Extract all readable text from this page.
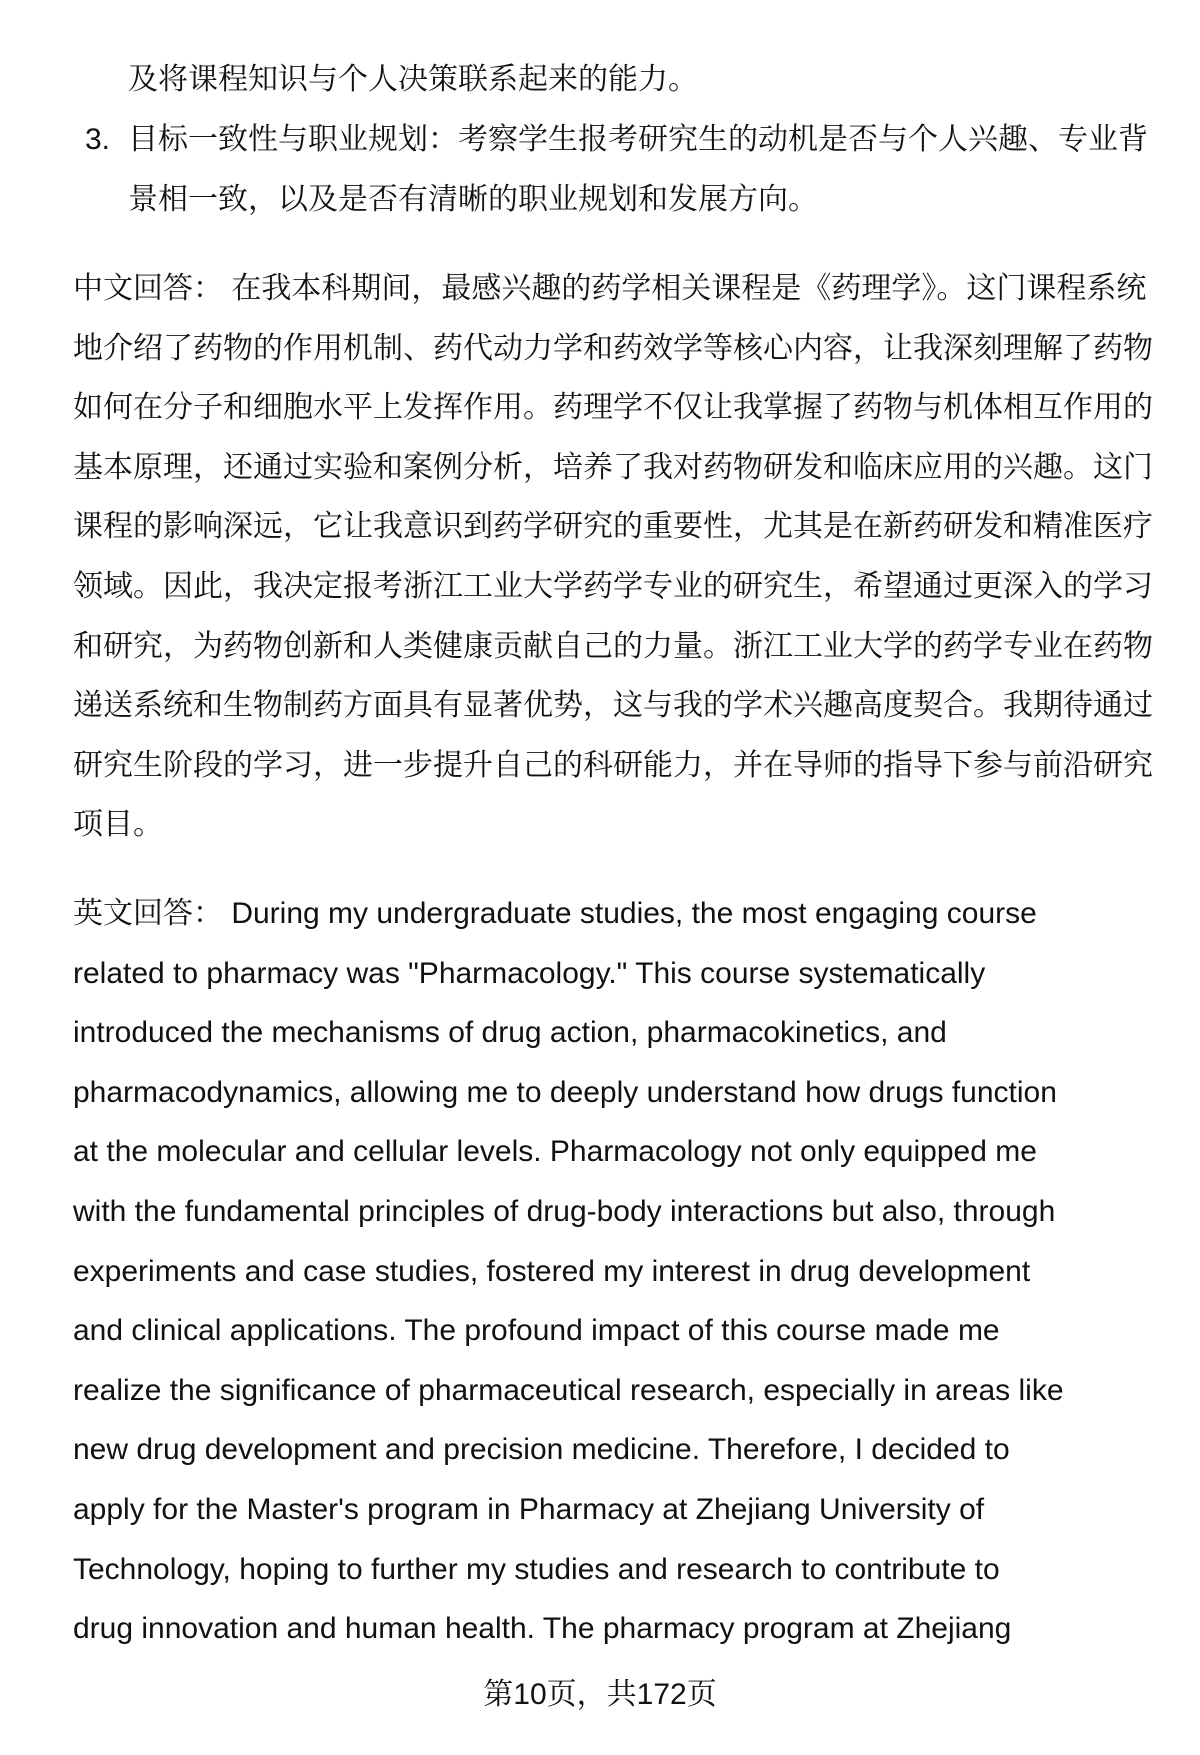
及将课程知识与个人决策联系起来的能力。
3. 目标一致性与职业规划：考察学生报考研究生的动机是否与个人兴趣、专业背
景相一致，以及是否有清晰的职业规划和发展方向。
中文回答： 在我本科期间，最感兴趣的药学相关课程是《药理学》。这门课程系统
地介绍了药物的作用机制、药代动力学和药效学等核心内容，让我深刻理解了药物
如何在分子和细胞水平上发挥作用。药理学不仅让我掌握了药物与机体相互作用的
基本原理，还通过实验和案例分析，培养了我对药物研发和临床应用的兴趣。这门
课程的影响深远，它让我意识到药学研究的重要性，尤其是在新药研发和精准医疗
领域。因此，我决定报考浙江工业大学药学专业的研究生，希望通过更深入的学习
和研究，为药物创新和人类健康贡献自己的力量。浙江工业大学的药学专业在药物
递送系统和生物制药方面具有显著优势，这与我的学术兴趣高度契合。我期待通过
研究生阶段的学习，进一步提升自己的科研能力，并在导师的指导下参与前沿研究
项目。
英文回答： During my undergraduate studies, the most engaging course
related to pharmacy was "Pharmacology." This course systematically
introduced the mechanisms of drug action, pharmacokinetics, and
pharmacodynamics, allowing me to deeply understand how drugs function
at the molecular and cellular levels. Pharmacology not only equipped me
with the fundamental principles of drug-body interactions but also, through
experiments and case studies, fostered my interest in drug development
and clinical applications. The profound impact of this course made me
realize the significance of pharmaceutical research, especially in areas like
new drug development and precision medicine. Therefore, I decided to
apply for the Master's program in Pharmacy at Zhejiang University of
Technology, hoping to further my studies and research to contribute to
drug innovation and human health. The pharmacy program at Zhejiang
第10页，共172页
